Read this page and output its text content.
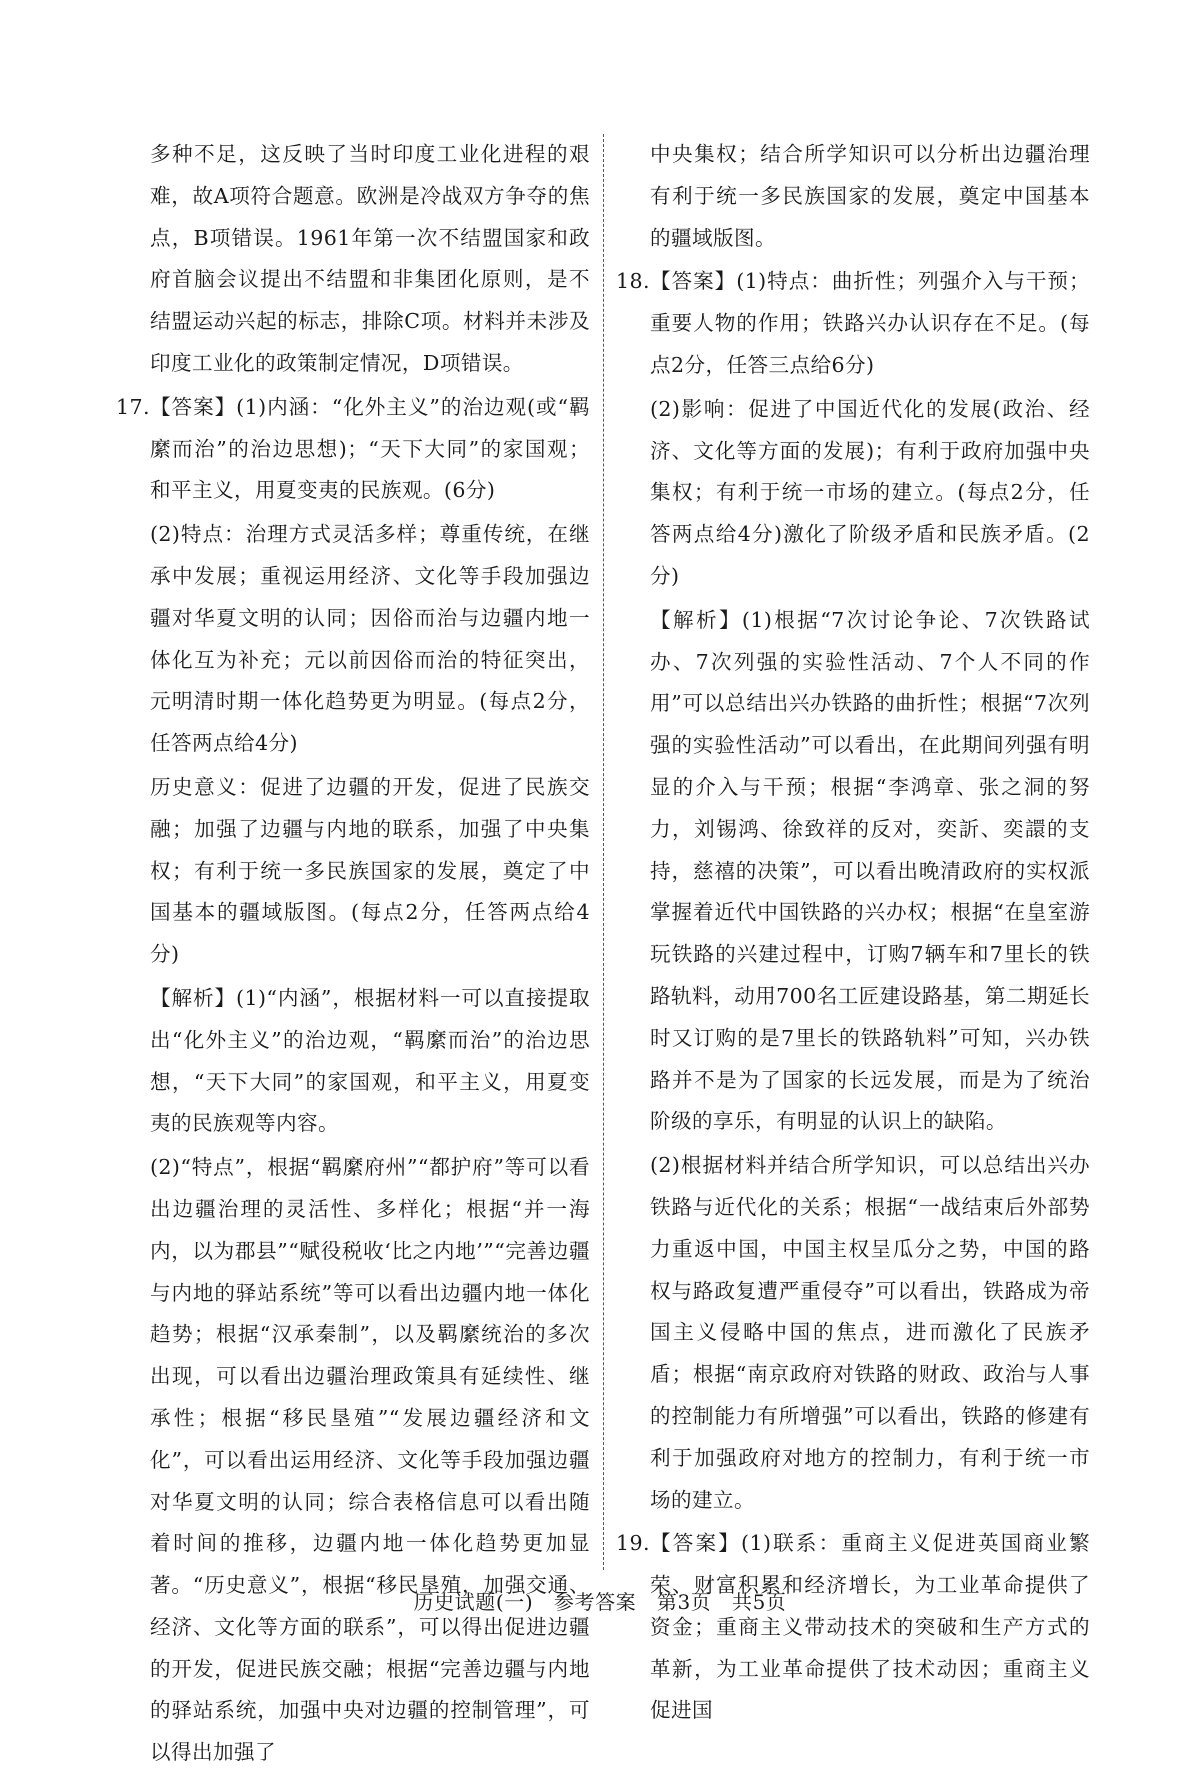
多种不足，这反映了当时印度工业化进程的艰难，故A项符合题意。欧洲是冷战双方争夺的焦点，B项错误。1961年第一次不结盟国家和政府首脑会议提出不结盟和非集团化原则，是不结盟运动兴起的标志，排除C项。材料并未涉及印度工业化的政策制定情况，D项错误。

17. 【答案】(1)内涵：“化外主义”的治边观(或“羁縻而治”的治边思想)；“天下大同”的家国观；和平主义，用夏变夷的民族观。(6分)

(2)特点：治理方式灵活多样；尊重传统，在继承中发展；重视运用经济、文化等手段加强边疆对华夏文明的认同；因俗而治与边疆内地一体化互为补充；元以前因俗而治的特征突出，元明清时期一体化趋势更为明显。(每点2分，任答两点给4分)

历史意义：促进了边疆的开发，促进了民族交融；加强了边疆与内地的联系，加强了中央集权；有利于统一多民族国家的发展，奠定了中国基本的疆域版图。(每点2分，任答两点给4分)

【解析】(1)“内涵”，根据材料一可以直接提取出“化外主义”的治边观，“羁縻而治”的治边思想，“天下大同”的家国观，和平主义，用夏变夷的民族观等内容。

(2)“特点”，根据“羁縻府州”“都护府”等可以看出边疆治理的灵活性、多样化；根据“并一海内，以为郡县”“赋役税收‘比之内地’”“完善边疆与内地的驿站系统”等可以看出边疆内地一体化趋势；根据“汉承秦制”，以及羁縻统治的多次出现，可以看出边疆治理政策具有延续性、继承性；根据“移民垦殖”“发展边疆经济和文化”，可以看出运用经济、文化等手段加强边疆对华夏文明的认同；综合表格信息可以看出随着时间的推移，边疆内地一体化趋势更加显著。“历史意义”，根据“移民垦殖，加强交通、经济、文化等方面的联系”，可以得出促进边疆的开发，促进民族交融；根据“完善边疆与内地的驿站系统，加强中央对边疆的控制管理”，可以得出加强了

中央集权；结合所学知识可以分析出边疆治理有利于统一多民族国家的发展，奠定中国基本的疆域版图。

18. 【答案】(1)特点：曲折性；列强介入与干预；重要人物的作用；铁路兴办认识存在不足。(每点2分，任答三点给6分)

(2)影响：促进了中国近代化的发展(政治、经济、文化等方面的发展)；有利于政府加强中央集权；有利于统一市场的建立。(每点2分，任答两点给4分)激化了阶级矛盾和民族矛盾。(2分)

【解析】(1)根据“7次讨论争论、7次铁路试办、7次列强的实验性活动、7个人不同的作用”可以总结出兴办铁路的曲折性；根据“7次列强的实验性活动”可以看出，在此期间列强有明显的介入与干预；根据“李鸿章、张之洞的努力，刘锡鸿、徐致祥的反对，奕訢、奕譞的支持，慈禧的决策”，可以看出晚清政府的实权派掌握着近代中国铁路的兴办权；根据“在皇室游玩铁路的兴建过程中，订购7辆车和7里长的铁路轨料，动用700名工匠建设路基，第二期延长时又订购的是7里长的铁路轨料”可知，兴办铁路并不是为了国家的长远发展，而是为了统治阶级的享乐，有明显的认识上的缺陷。

(2)根据材料并结合所学知识，可以总结出兴办铁路与近代化的关系；根据“一战结束后外部势力重返中国，中国主权呈瓜分之势，中国的路权与路政复遭严重侵夺”可以看出，铁路成为帝国主义侵略中国的焦点，进而激化了民族矛盾；根据“南京政府对铁路的财政、政治与人事的控制能力有所增强”可以看出，铁路的修建有利于加强政府对地方的控制力，有利于统一市场的建立。

19. 【答案】(1)联系：重商主义促进英国商业繁荣、财富积累和经济增长，为工业革命提供了资金；重商主义带动技术的突破和生产方式的革新，为工业革命提供了技术动因；重商主义促进国

历史试题(一)　参考答案　第3页　共5页
